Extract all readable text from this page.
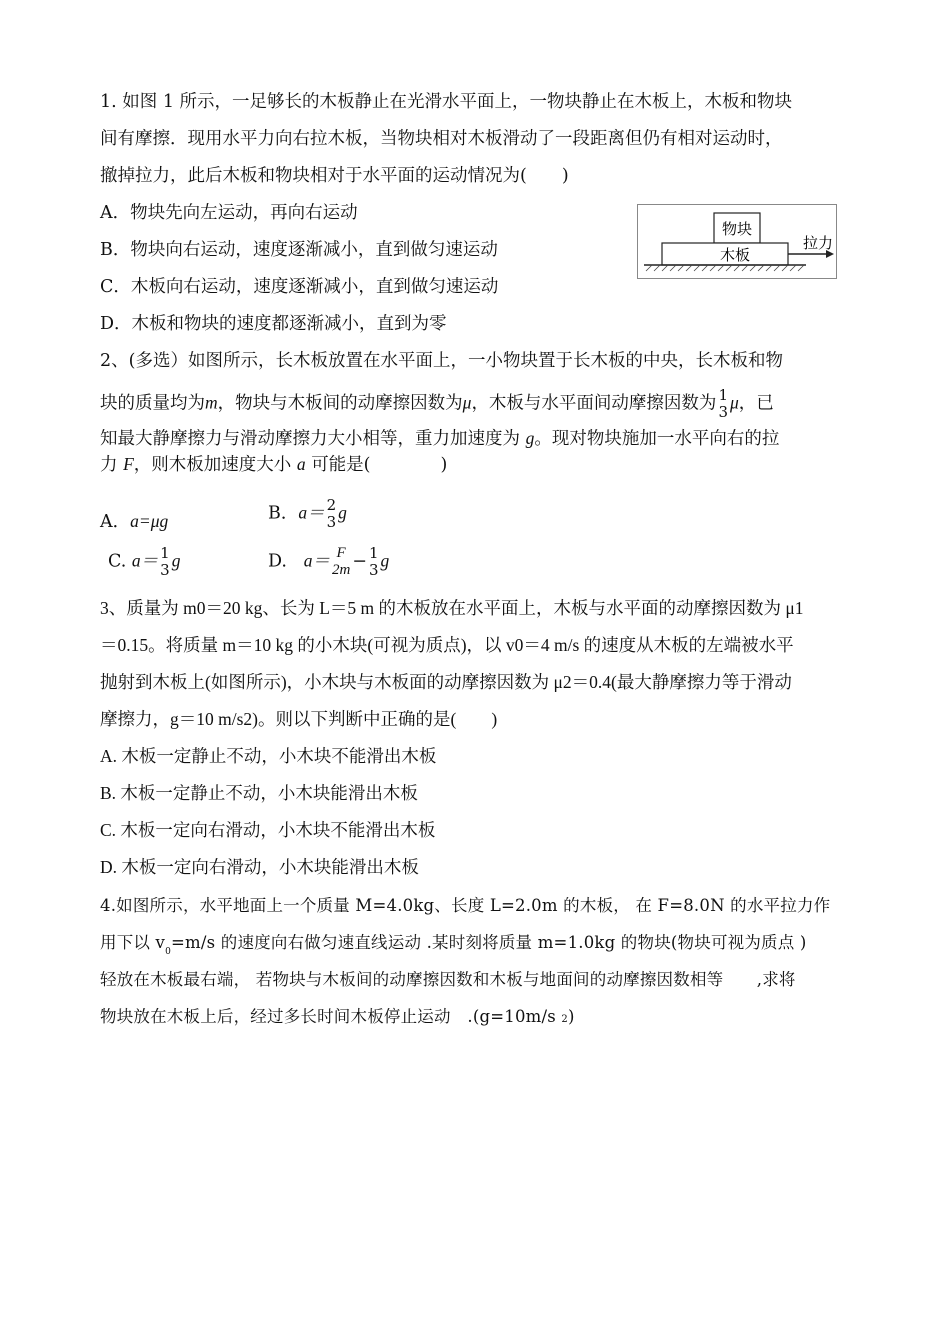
1. 如图 1 所示，一足够长的木板静止在光滑水平面上，一物块静止在木板上，木板和物块
间有摩擦．现用水平力向右拉木板，当物块相对木板滑动了一段距离但仍有相对运动时，
撤掉拉力，此后木板和物块相对于水平面的运动情况为(　　)
A．物块先向左运动，再向右运动
B．物块向右运动，速度逐渐减小，直到做匀速运动
C．木板向右运动，速度逐渐减小，直到做匀速运动
D．木板和物块的速度都逐渐减小，直到为零
物块
木板
拉力
2、(多选）如图所示，长木板放置在水平面上，一小物块置于长木板的中央，长木板和物
块的质量均为m，物块与木板间的动摩擦因数为μ，木板与水平面间动摩擦因数为 1
3 μ，已
知最大静摩擦力与滑动摩擦力大小相等，重力加速度为 g。现对物块施加一水平向右的拉
力 F，则木板加速度大小 a 可能是(　　　　)
A．a=μg	B．a＝ 2
3 g
C. a＝ 1
3 g	D. a＝ F
2m − 1
3 g
3、质量为 m0＝20 kg、长为 L＝5 m 的木板放在水平面上，木板与水平面的动摩擦因数为 μ1
＝0.15。将质量 m＝10 kg 的小木块(可视为质点)，以 v0＝4 m/s 的速度从木板的左端被水平
抛射到木板上(如图所示)，小木块与木板面的动摩擦因数为 μ2＝0.4(最大静摩擦力等于滑动
摩擦力，g＝10 m/s2)。则以下判断中正确的是(　　)
A. 木板一定静止不动，小木块不能滑出木板
B. 木板一定静止不动，小木块能滑出木板
C. 木板一定向右滑动，小木块不能滑出木板
D. 木板一定向右滑动，小木块能滑出木板
4.如图所示，水平地面上一个质量 M=4.0kg、长度 L=2.0m 的木板， 在 F=8.0N 的水平拉力作
用下以 $v_0=m/s$ 的速度向右做匀速直线运动 .某时刻将质量 m=1.0kg 的物块(物块可视为质点 )
轻放在木板最右端， 若物块与木板间的动摩擦因数和木板与地面间的动摩擦因数相等　　,求将
物块放在木板上后，经过多长时间木板停止运动　.(g=10m/s 2)
